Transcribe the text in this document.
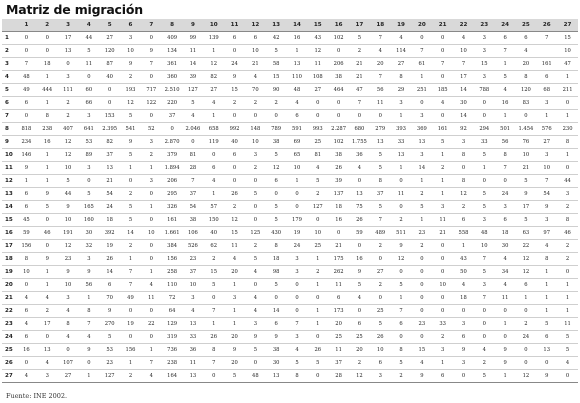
Matriz de migración
	1	2	3	4	5	6	7	8	9	10	11	12	13	14	15	16	17	18	19	20	21	22	23	24	25	26	27
1	0	0	17	44	27	3	0	409	99	139	6	6	42	16	43	102	5	7	4	0	0	4	3	6	6	7	15
2	0	0	13	5	120	10	9	134	11	1	0	10	5	1	12	0	2	4	114	7	0	10	3	7	4		10
3	7	18	0	11	87	9	7	361	14	12	24	21	58	13	11	206	21	20	27	61	7	7	15	1	20	161	47
4	48	1	3	0	40	2	0	360	39	82	9	4	15	110	108	38	21	7	8	1	0	17	3	5	8	6	1
5	49	444	111	60	0	193	717	2.510	127	27	15	70	90	48	27	464	47	56	29	251	185	14	788	4	120	68	211
6	6	1	2	66	0	12	122	220	5	4	2	2	2	4	0	0	7	11	3	0	4	30	0	16	83	3	0
7	0	8	2	3	153	5	0	37	4	1	0	0	0	6	0	0	0	0	1	3	0	14	0	1	0	1	1
8	818	238	407	641	2.395	541	52	0	2.046	658	992	148	789	591	993	2.287	680	279	393	369	161	92	294	501	1.454	576	230
9	234	16	12	53	82	9	3	2.870	0	119	40	10	38	69	25	102	1.755	13	33	13	5	3	33	56	76	27	8
10	146	1	12	89	37	5	2	379	81	0	6	3	5	65	81	38	36	5	13	3	1	8	5	8	10	3	1
11	9	1	10	3	13	1	1	1.894	28	6	0	2	12	10	4	26	4	5	1	14	2	0	1	7	21	10	0
12	1	1	5	0	21	0	3	206	7	4	0	0	6	1	5	39	0	8	0	1	1	8	0	0	5	7	44
13	6	9	44	5	54	2	0	295	37	1	26	5	0	0	2	137	13	37	11	2	1	12	5	24	9	54	3
14	6	5	9	165	24	5	1	326	54	57	2	0	5	0	127	18	75	5	0	5	3	2	5	3	17	9	2
15	45	0	10	160	18	5	0	161	38	150	12	0	5	179	0	16	26	7	2	1	11	6	3	6	5	3	8
16	59	46	191	30	392	14	10	1.661	106	40	15	125	430	19	10	0	59	489	511	23	21	558	48	18	63	97	46
17	156	0	12	32	19	2	0	384	526	62	11	2	8	24	25	21	0	2	9	2	0	1	10	30	22	4	2
18	8	9	23	3	26	1	0	156	23	2	4	5	18	3	1	175	16	0	12	0	0	43	7	4	12	8	2
19	10	1	9	9	14	7	1	258	37	15	20	4	98	3	2	262	9	27	0	0	0	50	5	34	12	1	0
20	0	1	10	56	6	7	4	110	10	5	1	0	5	0	1	11	5	2	5	0	10	4	3	4	6	1	1
21	4	4	3	1	70	49	11	72	3	0	3	4	0	0	0	6	4	0	1	0	0	18	7	11	1	1	1
22	6	2	4	8	9	0	0	64	4	7	1	4	14	0	1	173	0	25	7	0	0	0	0	0	0	1	1
23	4	17	8	7	270	19	22	129	13	1	1	3	6	7	1	20	6	5	6	23	33	3	0	1	2	5	11
24	6	0	4	4	5	0	0	319	33	26	20	9	9	3	0	25	25	26	0	0	2	6	0	0	24	6	5
25	16	13	0	9	53	156	1	736	36	8	9	5	38	4	26	11	20	10	8	15	3	9	4	9	0	13	5
26	0	4	107	0	23	1	7	238	11	7	20	0	30	5	5	37	2	6	5	4	1	3	2	9	0	0	4
27	4	3	27	1	127	2	4	164	13	0	5	48	13	8	0	28	12	3	2	9	6	0	5	1	12	9	0
Fuente: INE 2002.
